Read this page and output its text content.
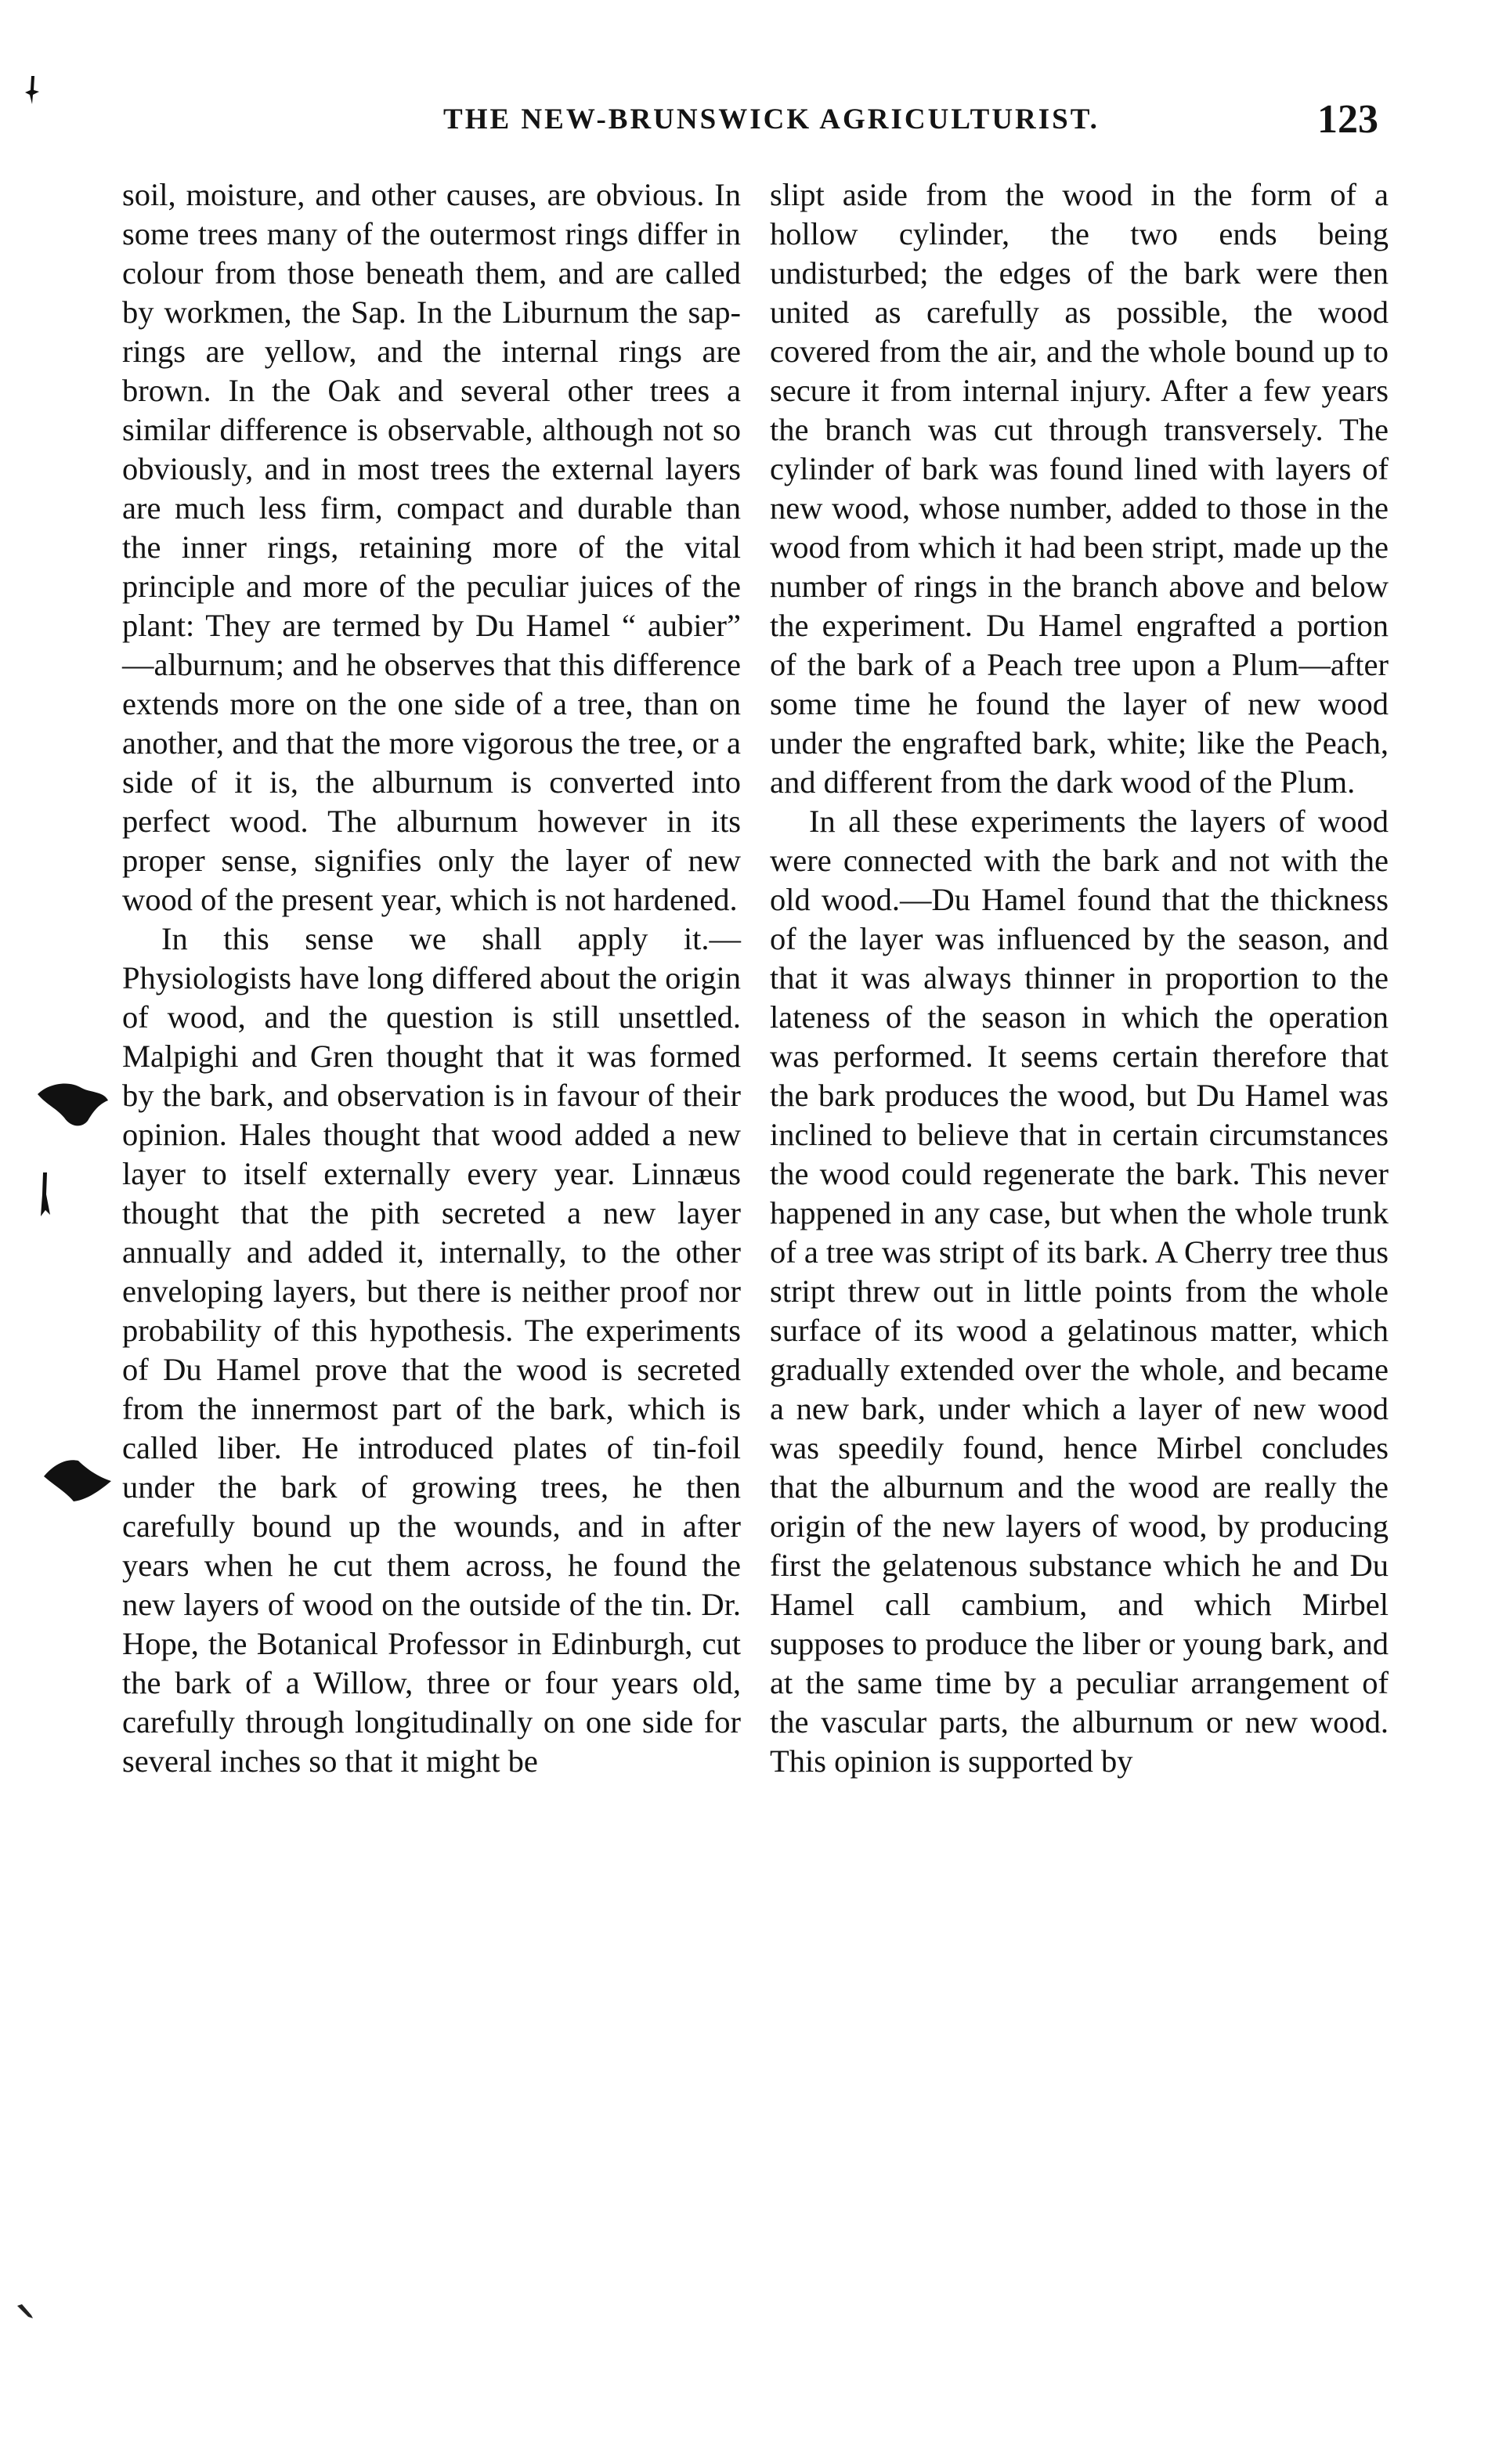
THE NEW-BRUNSWICK AGRICULTURIST.	123

soil, moisture, and other causes, are obvious. In some trees many of the outermost rings differ in colour from those beneath them, and are called by workmen, the Sap. In the Liburnum the sap-rings are yellow, and the internal rings are brown. In the Oak and several other trees a similar difference is observable, although not so obviously, and in most trees the external layers are much less firm, compact and durable than the inner rings, retaining more of the vital principle and more of the peculiar juices of the plant: They are termed by Du Hamel “ aubier” —alburnum; and he observes that this difference extends more on the one side of a tree, than on another, and that the more vigorous the tree, or a side of it is, the alburnum is converted into perfect wood. The alburnum however in its proper sense, signifies only the layer of new wood of the present year, which is not hardened.

In this sense we shall apply it.—Physiologists have long differed about the origin of wood, and the question is still unsettled. Malpighi and Gren thought that it was formed by the bark, and observation is in favour of their opinion. Hales thought that wood added a new layer to itself externally every year. Linnæus thought that the pith secreted a new layer annually and added it, internally, to the other enveloping layers, but there is neither proof nor probability of this hypothesis. The experiments of Du Hamel prove that the wood is secreted from the innermost part of the bark, which is called liber. He introduced plates of tin-foil under the bark of growing trees, he then carefully bound up the wounds, and in after years when he cut them across, he found the new layers of wood on the outside of the tin. Dr. Hope, the Botanical Professor in Edinburgh, cut the bark of a Willow, three or four years old, carefully through longitudinally on one side for several inches so that it might be

slipt aside from the wood in the form of a hollow cylinder, the two ends being undisturbed; the edges of the bark were then united as carefully as possible, the wood covered from the air, and the whole bound up to secure it from internal injury. After a few years the branch was cut through transversely. The cylinder of bark was found lined with layers of new wood, whose number, added to those in the wood from which it had been stript, made up the number of rings in the branch above and below the experiment. Du Hamel engrafted a portion of the bark of a Peach tree upon a Plum—after some time he found the layer of new wood under the engrafted bark, white; like the Peach, and different from the dark wood of the Plum.

In all these experiments the layers of wood were connected with the bark and not with the old wood.—Du Hamel found that the thickness of the layer was influenced by the season, and that it was always thinner in proportion to the lateness of the season in which the operation was performed. It seems certain therefore that the bark produces the wood, but Du Hamel was inclined to believe that in certain circumstances the wood could regenerate the bark. This never happened in any case, but when the whole trunk of a tree was stript of its bark. A Cherry tree thus stript threw out in little points from the whole surface of its wood a gelatinous matter, which gradually extended over the whole, and became a new bark, under which a layer of new wood was speedily found, hence Mirbel concludes that the alburnum and the wood are really the origin of the new layers of wood, by producing first the gelatenous substance which he and Du Hamel call cambium, and which Mirbel supposes to produce the liber or young bark, and at the same time by a peculiar arrangement of the vascular parts, the alburnum or new wood. This opinion is supported by
